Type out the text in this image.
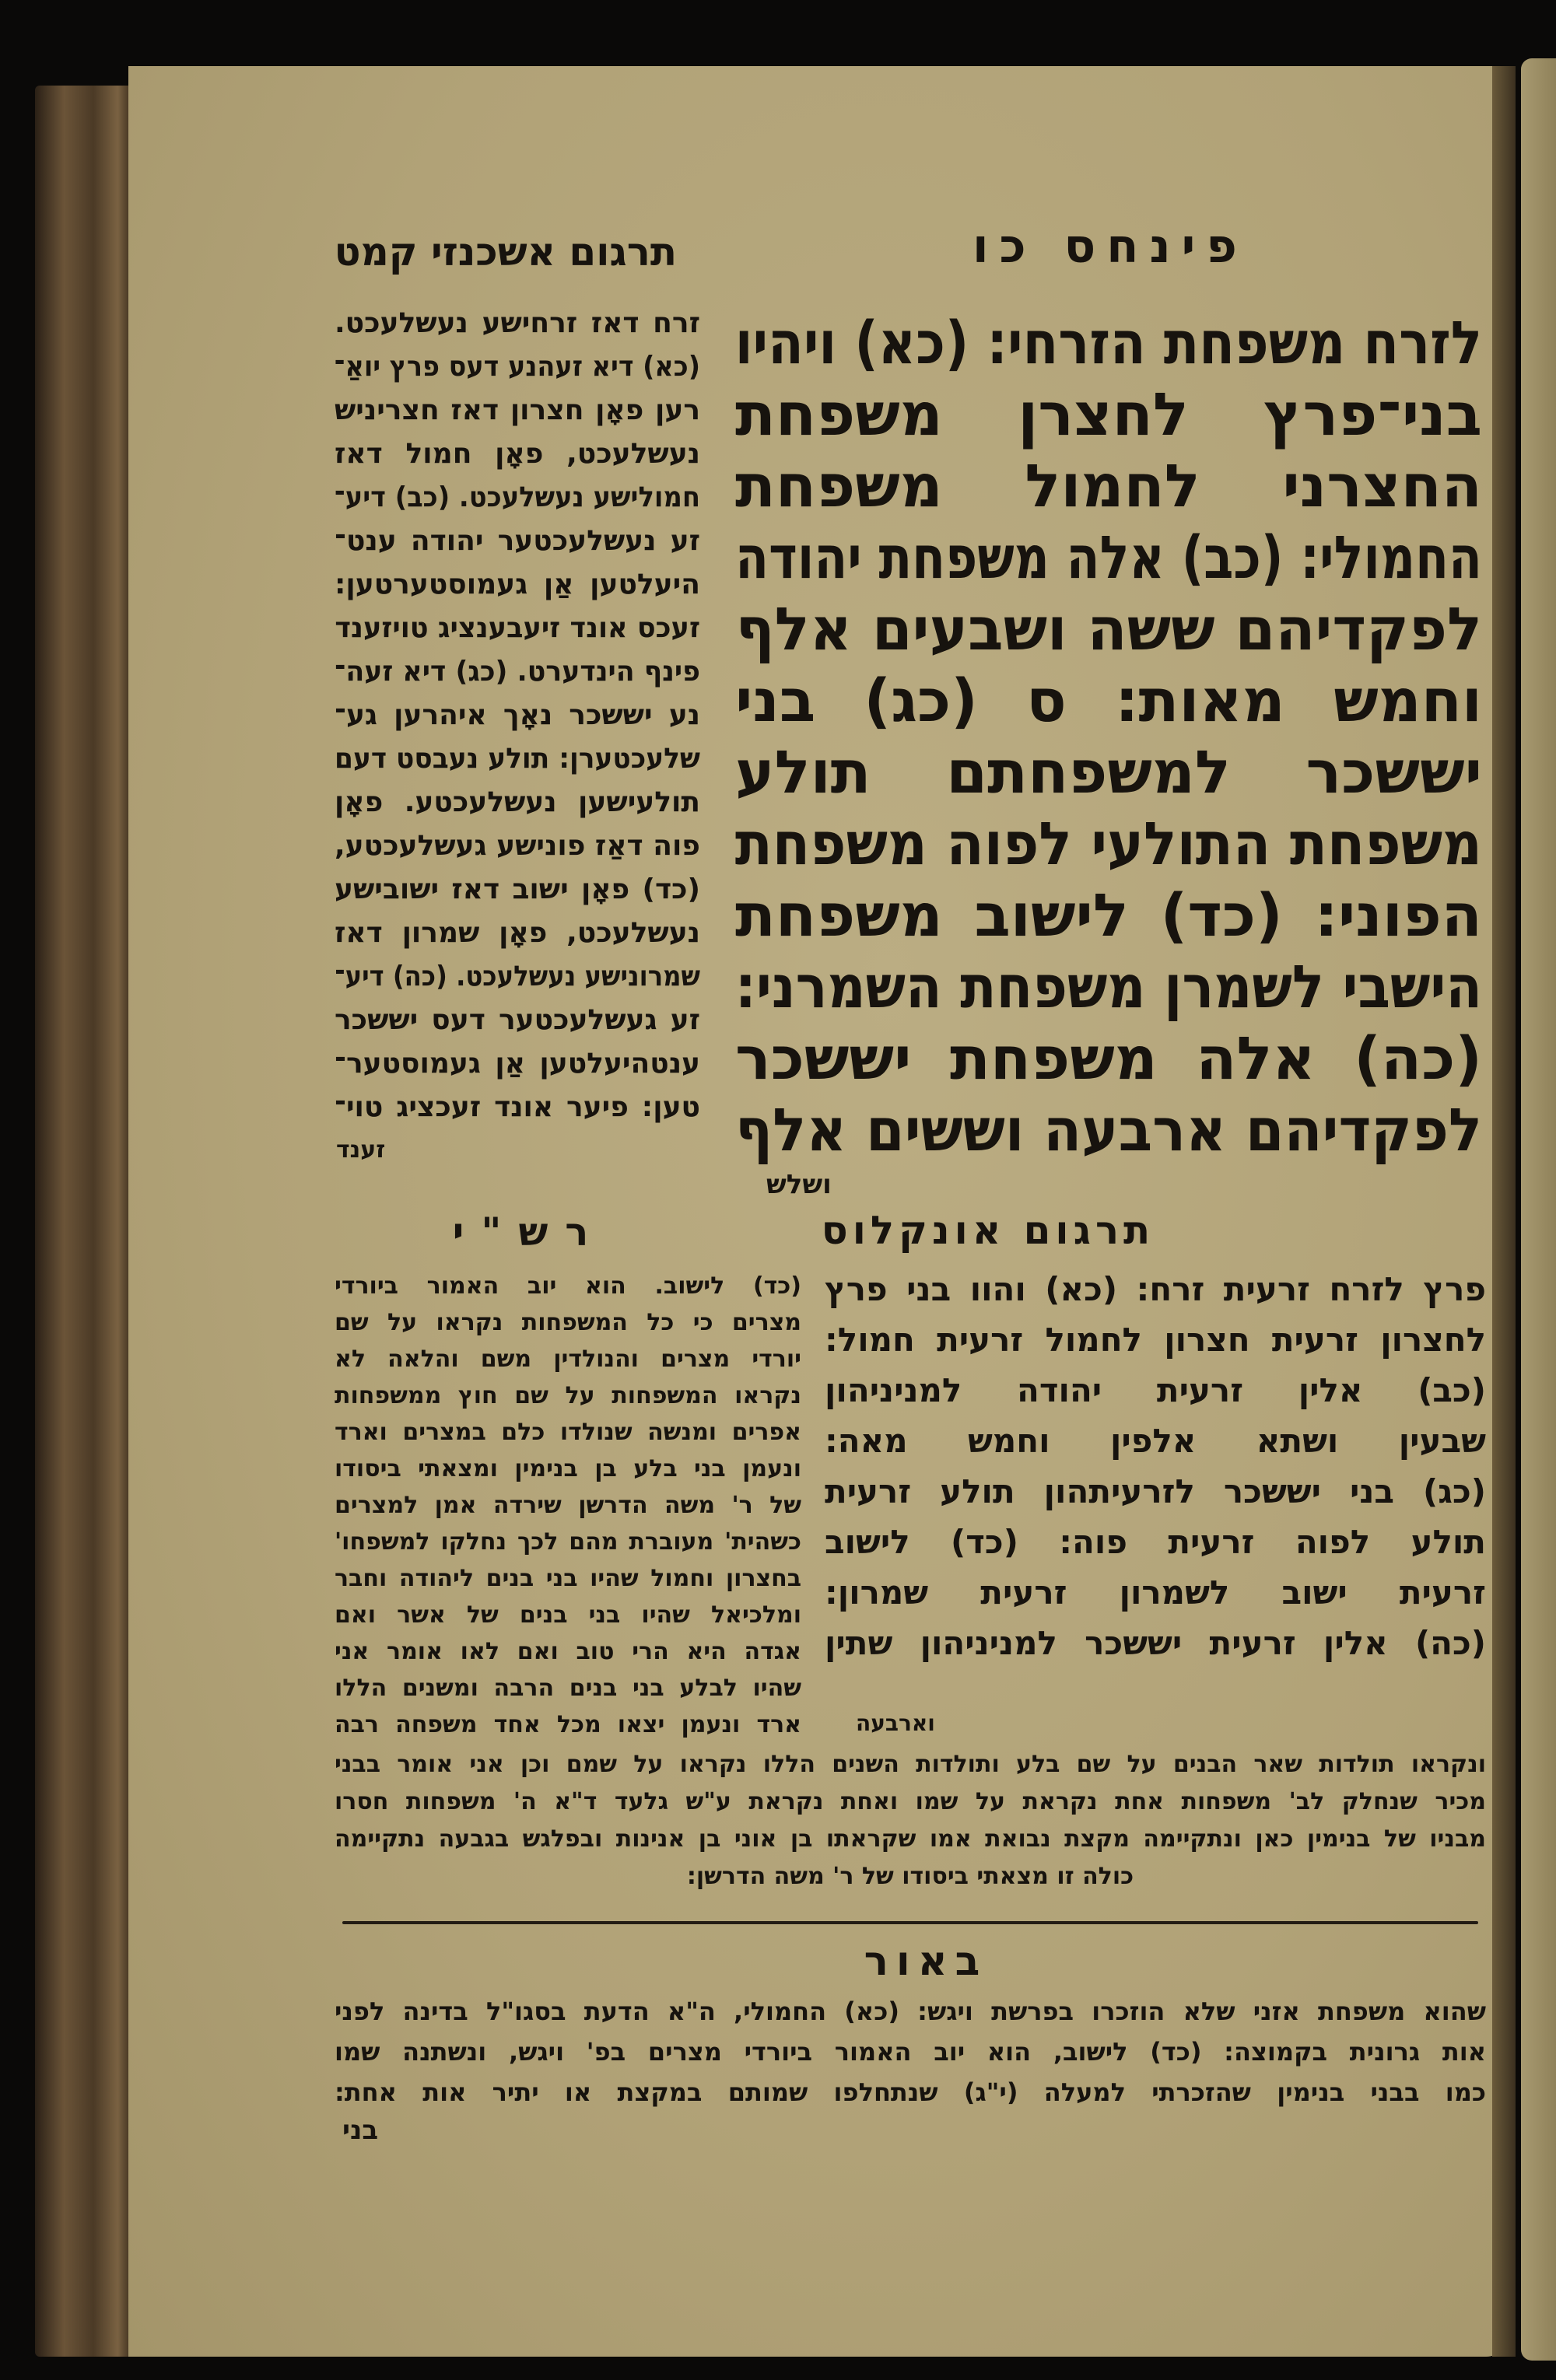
פינחס כו
תרגום אשכנזי קמט
לזרח משפחת הזרחי: (כא) ויהיו
בני־פרץ לחצרן משפחת
החצרני לחמול משפחת
החמולי: (כב) אלה משפחת יהודה
לפקדיהם ששה ושבעים אלף
וחמש מאות: ס (כג) בני
יששכר למשפחתם תולע
משפחת התולעי לפוה משפחת
הפוני: (כד) לישוב משפחת
הישבי לשמרן משפחת השמרני:
(כה) אלה משפחת יששכר
לפקדיהם ארבעה וששים אלף
ושלש
זרח דאז זרחישע נעשלעכט.
(כא) דיא זעהנע דעס פרץ יואַ־
רען פאָן חצרון דאז חצריניש
נעשלעכט, פאָן חמול דאז
חמולישע נעשלעכט. (כב) דיע־
זע נעשלעכטער יהודה ענט־
היעלטען אַן געמוסטערטען:
זעכס אונד זיעבענציג טויזענד
פינף הינדערט. (כג) דיא זעה־
נע יששכר נאָך איהרען גע־
שלעכטערן: תולע נעבסט דעם
תולעישען נעשלעכטע. פאָן
פוה דאַז פונישע געשלעכטע,
(כד) פאָן ישוב דאז ישובישע
נעשלעכט, פאָן שמרון דאז
שמרונישע נעשלעכט. (כה) דיע־
זע געשלעכטער דעס יששכר
ענטהיעלטען אַן געמוסטער־
טען: פיער אונד זעכציג טוי־
זענד
תרגום אונקלוס
פרץ לזרח זרעית זרח: (כא) והוו בני פרץ
לחצרון זרעית חצרון לחמול זרעית חמול:
(כב) אלין זרעית יהודה למניניהון
שבעין ושתא אלפין וחמש מאה:
(כג) בני יששכר לזרעיתהון תולע זרעית
תולע לפוה זרעית פוה: (כד) לישוב
זרעית ישוב לשמרון זרעית שמרון:
(כה) אלין זרעית יששכר למניניהון שתין
וארבעה
רש"י
(כד) לישוב. הוא יוב האמור ביורדי
מצרים כי כל המשפחות נקראו על שם
יורדי מצרים והנולדין משם והלאה לא
נקראו המשפחות על שם חוץ ממשפחות
אפרים ומנשה שנולדו כלם במצרים וארד
ונעמן בני בלע בן בנימין ומצאתי ביסודו
של ר' משה הדרשן שירדה אמן למצרים
כשהית' מעוברת מהם לכך נחלקו למשפחו'
בחצרון וחמול שהיו בני בנים ליהודה וחבר
ומלכיאל שהיו בני בנים של אשר ואם
אגדה היא הרי טוב ואם לאו אומר אני
שהיו לבלע בני בנים הרבה ומשנים הללו
ארד ונעמן יצאו מכל אחד משפחה רבה
ונקראו תולדות שאר הבנים על שם בלע ותולדות השנים הללו נקראו על שמם וכן אני אומר בבני
מכיר שנחלק לב' משפחות אחת נקראת על שמו ואחת נקראת ע"ש גלעד ד"א ה' משפחות חסרו
מבניו של בנימין כאן ונתקיימה מקצת נבואת אמו שקראתו בן אוני בן אנינות ובפלגש בגבעה נתקיימה
כולה זו מצאתי ביסודו של ר' משה הדרשן:
באור
שהוא משפחת אזני שלא הוזכרו בפרשת ויגש: (כא) החמולי, ה"א הדעת בסגו"ל בדינה לפני
אות גרונית בקמוצה: (כד) לישוב, הוא יוב האמור ביורדי מצרים בפ' ויגש, ונשתנה שמו
כמו בבני בנימין שהזכרתי למעלה (י"ג) שנתחלפו שמותם במקצת או יתיר אות אחת:
בני
